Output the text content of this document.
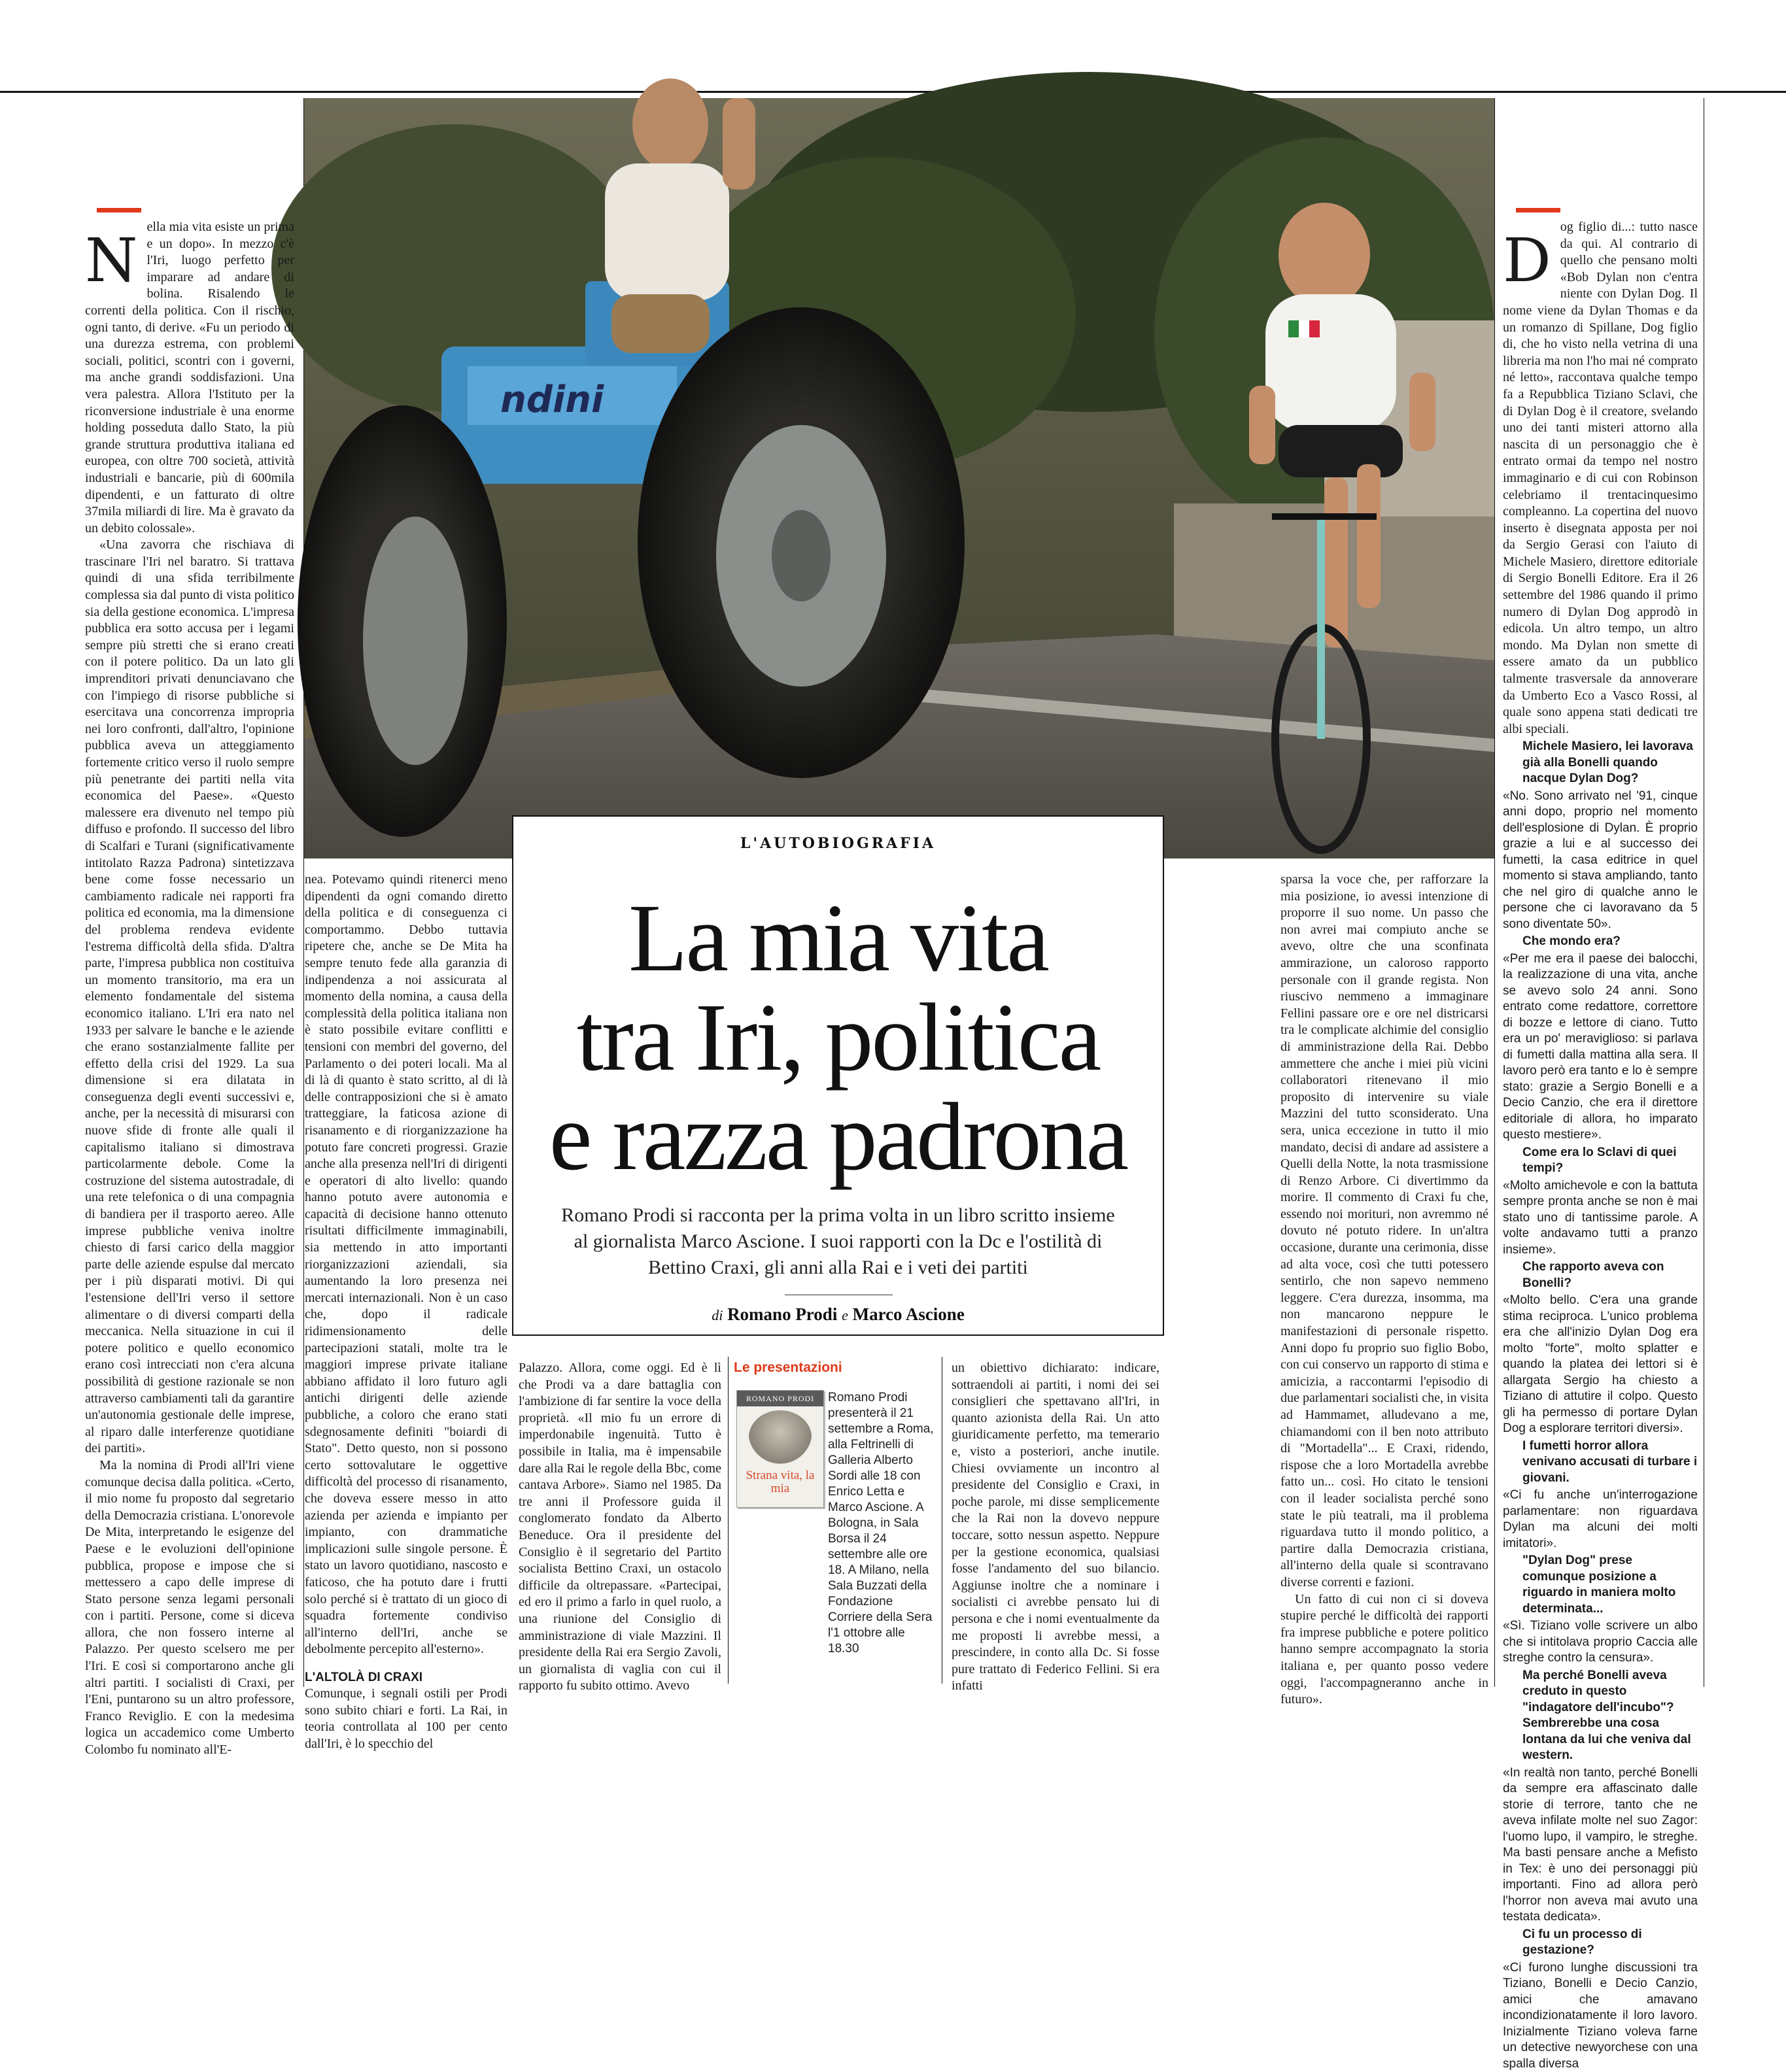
ndini

Nella mia vita esiste un prima e un dopo». In mezzo c'è l'Iri, luogo perfetto per imparare ad andare di bolina. Risalendo le correnti della politica. Con il rischio, ogni tanto, di derive. «Fu un periodo di una durezza estrema, con problemi sociali, politici, scontri con i governi, ma anche grandi soddisfazioni. Una vera palestra. Allora l'Istituto per la riconversione industriale è una enorme holding posseduta dallo Stato, la più grande struttura produttiva italiana ed europea, con oltre 700 società, attività industriali e bancarie, più di 600mila dipendenti, e un fatturato di oltre 37mila miliardi di lire. Ma è gravato da un debito colossale».

«Una zavorra che rischiava di trascinare l'Iri nel baratro. Si trattava quindi di una sfida terribilmente complessa sia dal punto di vista politico sia della gestione economica. L'impresa pubblica era sotto accusa per i legami sempre più stretti che si erano creati con il potere politico. Da un lato gli imprenditori privati denunciavano che con l'impiego di risorse pubbliche si esercitava una concorrenza impropria nei loro confronti, dall'altro, l'opinione pubblica aveva un atteggiamento fortemente critico verso il ruolo sempre più penetrante dei partiti nella vita economica del Paese». «Questo malessere era divenuto nel tempo più diffuso e profondo. Il successo del libro di Scalfari e Turani (significativamente intitolato Razza Padrona) sintetizzava bene come fosse necessario un cambiamento radicale nei rapporti fra politica ed economia, ma la dimensione del problema rendeva evidente l'estrema difficoltà della sfida. D'altra parte, l'impresa pubblica non costituiva un momento transitorio, ma era un elemento fondamentale del sistema economico italiano. L'Iri era nato nel 1933 per salvare le banche e le aziende che erano sostanzialmente fallite per effetto della crisi del 1929. La sua dimensione si era dilatata in conseguenza degli eventi successivi e, anche, per la necessità di misurarsi con nuove sfide di fronte alle quali il capitalismo italiano si dimostrava particolarmente debole. Come la costruzione del sistema autostradale, di una rete telefonica o di una compagnia di bandiera per il trasporto aereo. Alle imprese pubbliche veniva inoltre chiesto di farsi carico della maggior parte delle aziende espulse dal mercato per i più disparati motivi. Di qui l'estensione dell'Iri verso il settore alimentare o di diversi comparti della meccanica. Nella situazione in cui il potere politico e quello economico erano così intrecciati non c'era alcuna possibilità di gestione razionale se non attraverso cambiamenti tali da garantire un'autonomia gestionale delle imprese, al riparo dalle interferenze quotidiane dei partiti».

Ma la nomina di Prodi all'Iri viene comunque decisa dalla politica. «Certo, il mio nome fu proposto dal segretario della Democrazia cristiana. L'onorevole De Mita, interpretando le esigenze del Paese e le evoluzioni dell'opinione pubblica, propose e impose che si mettessero a capo delle imprese di Stato persone senza legami personali con i partiti. Persone, come si diceva allora, che non fossero interne al Palazzo. Per questo scelsero me per l'Iri. E così si comportarono anche gli altri partiti. I socialisti di Craxi, per l'Eni, puntarono su un altro professore, Franco Reviglio. E con la medesima logica un accademico come Umberto Colombo fu nominato all'E-

nea. Potevamo quindi ritenerci meno dipendenti da ogni comando diretto della politica e di conseguenza ci comportammo. Debbo tuttavia ripetere che, anche se De Mita ha sempre tenuto fede alla garanzia di indipendenza a noi assicurata al momento della nomina, a causa della complessità della politica italiana non è stato possibile evitare conflitti e tensioni con membri del governo, del Parlamento o dei poteri locali. Ma al di là di quanto è stato scritto, al di là delle contrapposizioni che si è amato tratteggiare, la faticosa azione di risanamento e di riorganizzazione ha potuto fare concreti progressi. Grazie anche alla presenza nell'Iri di dirigenti e operatori di alto livello: quando hanno potuto avere autonomia e capacità di decisione hanno ottenuto risultati difficilmente immaginabili, sia mettendo in atto importanti riorganizzazioni aziendali, sia aumentando la loro presenza nei mercati internazionali. Non è un caso che, dopo il radicale ridimensionamento delle partecipazioni statali, molte tra le maggiori imprese private italiane abbiano affidato il loro futuro agli antichi dirigenti delle aziende pubbliche, a coloro che erano stati sdegnosamente definiti "boiardi di Stato". Detto questo, non si possono certo sottovalutare le oggettive difficoltà del processo di risanamento, che doveva essere messo in atto azienda per azienda e impianto per impianto, con drammatiche implicazioni sulle singole persone. È stato un lavoro quotidiano, nascosto e faticoso, che ha potuto dare i frutti solo perché si è trattato di un gioco di squadra fortemente condiviso all'interno dell'Iri, anche se debolmente percepito all'esterno».

L'ALTOLÀ DI CRAXI

Comunque, i segnali ostili per Prodi sono subito chiari e forti. La Rai, in teoria controllata al 100 per cento dall'Iri, è lo specchio del

L'AUTOBIOGRAFIA
La mia vita
tra Iri, politica
e razza padrona
Romano Prodi si racconta per la prima volta in un libro scritto insieme al giornalista Marco Ascione. I suoi rapporti con la Dc e l'ostilità di Bettino Craxi, gli anni alla Rai e i veti dei partiti
di Romano Prodi e Marco Ascione

Palazzo. Allora, come oggi. Ed è lì che Prodi va a dare battaglia con l'ambizione di far sentire la voce della proprietà. «Il mio fu un errore di imperdonabile ingenuità. Tutto è possibile in Italia, ma è impensabile dare alla Rai le regole della Bbc, come cantava Arbore». Siamo nel 1985. Da tre anni il Professore guida il conglomerato fondato da Alberto Beneduce. Ora il presidente del Consiglio è il segretario del Partito socialista Bettino Craxi, un ostacolo difficile da oltrepassare. «Partecipai, ed ero il primo a farlo in quel ruolo, a una riunione del Consiglio di amministrazione di viale Mazzini. Il presidente della Rai era Sergio Zavoli, un giornalista di vaglia con cui il rapporto fu subito ottimo. Avevo

Le presentazioni
ROMANO PRODI
Strana vita, la mia
Romano Prodi presenterà il 21 settembre a Roma, alla Feltrinelli di Galleria Alberto Sordi alle 18 con Enrico Letta e Marco Ascione. A Bologna, in Sala Borsa il 24 settembre alle ore 18. A Milano, nella Sala Buzzati della Fondazione Corriere della Sera l'1 ottobre alle 18.30

un obiettivo dichiarato: indicare, sottraendoli ai partiti, i nomi dei sei consiglieri che spettavano all'Iri, in quanto azionista della Rai. Un atto giuridicamente perfetto, ma temerario e, visto a posteriori, anche inutile. Chiesi ovviamente un incontro al presidente del Consiglio e Craxi, in poche parole, mi disse semplicemente che la Rai non la dovevo neppure toccare, sotto nessun aspetto. Neppure per la gestione economica, qualsiasi fosse l'andamento del suo bilancio. Aggiunse inoltre che a nominare i socialisti ci avrebbe pensato lui di persona e che i nomi eventualmente da me proposti li avrebbe messi, a prescindere, in conto alla Dc. Si fosse pure trattato di Federico Fellini. Si era infatti

sparsa la voce che, per rafforzare la mia posizione, io avessi intenzione di proporre il suo nome. Un passo che non avrei mai compiuto anche se avevo, oltre che una sconfinata ammirazione, un caloroso rapporto personale con il grande regista. Non riuscivo nemmeno a immaginare Fellini passare ore e ore nel districarsi tra le complicate alchimie del consiglio di amministrazione della Rai. Debbo ammettere che anche i miei più vicini collaboratori ritenevano il mio proposito di intervenire su viale Mazzini del tutto sconsiderato. Una sera, unica eccezione in tutto il mio mandato, decisi di andare ad assistere a Quelli della Notte, la nota trasmissione di Renzo Arbore. Ci divertimmo da morire. Il commento di Craxi fu che, essendo noi morituri, non avremmo né dovuto né potuto ridere. In un'altra occasione, durante una cerimonia, disse ad alta voce, così che tutti potessero sentirlo, che non sapevo nemmeno leggere. C'era durezza, insomma, ma non mancarono neppure le manifestazioni di personale rispetto. Anni dopo fu proprio suo figlio Bobo, con cui conservo un rapporto di stima e amicizia, a raccontarmi l'episodio di due parlamentari socialisti che, in visita ad Hammamet, alludevano a me, chiamandomi con il ben noto attributo di "Mortadella"... E Craxi, ridendo, rispose che a loro Mortadella avrebbe fatto un... così. Ho citato le tensioni con il leader socialista perché sono state le più teatrali, ma il problema riguardava tutto il mondo politico, a partire dalla Democrazia cristiana, all'interno della quale si scontravano diverse correnti e fazioni.

Un fatto di cui non ci si doveva stupire perché le difficoltà dei rapporti fra imprese pubbliche e potere politico hanno sempre accompagnato la storia italiana e, per quanto posso vedere oggi, l'accompagneranno anche in futuro».

Dog figlio di...: tutto nasce da qui. Al contrario di quello che pensano molti «Bob Dylan non c'entra niente con Dylan Dog. Il nome viene da Dylan Thomas e da un romanzo di Spillane, Dog figlio di, che ho visto nella vetrina di una libreria ma non l'ho mai né comprato né letto», raccontava qualche tempo fa a Repubblica Tiziano Sclavi, che di Dylan Dog è il creatore, svelando uno dei tanti misteri attorno alla nascita di un personaggio che è entrato ormai da tempo nel nostro immaginario e di cui con Robinson celebriamo il trentacinquesimo compleanno. La copertina del nuovo inserto è disegnata apposta per noi da Sergio Gerasi con l'aiuto di Michele Masiero, direttore editoriale di Sergio Bonelli Editore. Era il 26 settembre del 1986 quando il primo numero di Dylan Dog approdò in edicola. Un altro tempo, un altro mondo. Ma Dylan non smette di essere amato da un pubblico talmente trasversale da annoverare da Umberto Eco a Vasco Rossi, al quale sono appena stati dedicati tre albi speciali.

Michele Masiero, lei lavorava già alla Bonelli quando nacque Dylan Dog?

«No. Sono arrivato nel '91, cinque anni dopo, proprio nel momento dell'esplosione di Dylan. È proprio grazie a lui e al successo dei fumetti, la casa editrice in quel momento si stava ampliando, tanto che nel giro di qualche anno le persone che ci lavoravano da 5 sono diventate 50».

Che mondo era?

«Per me era il paese dei balocchi, la realizzazione di una vita, anche se avevo solo 24 anni. Sono entrato come redattore, correttore di bozze e lettore di ciano. Tutto era un po' meraviglioso: si parlava di fumetti dalla mattina alla sera. Il lavoro però era tanto e lo è sempre stato: grazie a Sergio Bonelli e a Decio Canzio, che era il direttore editoriale di allora, ho imparato questo mestiere».

Come era lo Sclavi di quei tempi?

«Molto amichevole e con la battuta sempre pronta anche se non è mai stato uno di tantissime parole. A volte andavamo tutti a pranzo insieme».

Che rapporto aveva con Bonelli?

«Molto bello. C'era una grande stima reciproca. L'unico problema era che all'inizio Dylan Dog era molto "forte", molto splatter e quando la platea dei lettori si è allargata Sergio ha chiesto a Tiziano di attutire il colpo. Questo gli ha permesso di portare Dylan Dog a esplorare territori diversi».

I fumetti horror allora venivano accusati di turbare i giovani.

«Ci fu anche un'interrogazione parlamentare: non riguardava Dylan ma alcuni dei molti imitatori».

"Dylan Dog" prese comunque posizione a riguardo in maniera molto determinata...

«Sì. Tiziano volle scrivere un albo che si intitolava proprio Caccia alle streghe contro la censura».

Ma perché Bonelli aveva creduto in questo "indagatore dell'incubo"? Sembrerebbe una cosa lontana da lui che veniva dal western.

«In realtà non tanto, perché Bonelli da sempre era affascinato dalle storie di terrore, tanto che ne aveva infilate molte nel suo Zagor: l'uomo lupo, il vampiro, le streghe. Ma basti pensare anche a Mefisto in Tex: è uno dei personaggi più importanti. Fino ad allora però l'horror non aveva mai avuto una testata dedicata».

Ci fu un processo di gestazione?

«Ci furono lunghe discussioni tra Tiziano, Bonelli e Decio Canzio, amici che amavano incondizionatamente il loro lavoro. Inizialmente Tiziano voleva farne un detective newyorchese con una spalla diversa
